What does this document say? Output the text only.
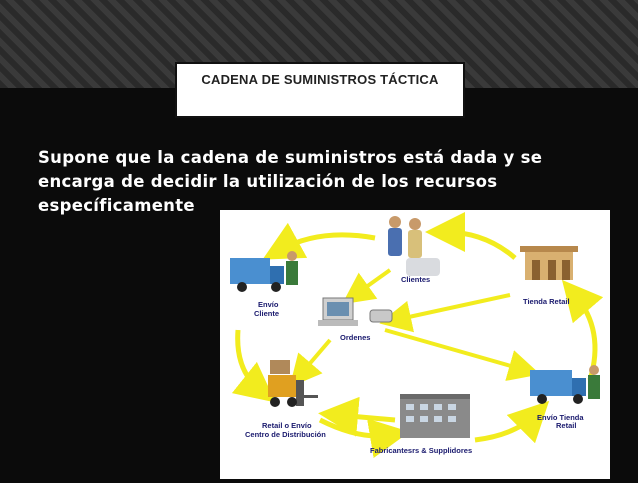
CADENA DE SUMINISTROS TÁCTICA
Supone que la cadena de suministros está dada y se
encarga de decidir la utilización de los recursos
específicamente
Clientes
Tienda Retail
Envío
Cliente
Ordenes
Envío Tienda
Retail
Retail o Envío
Centro de Distribución
Fabricantesrs & Supplidores
